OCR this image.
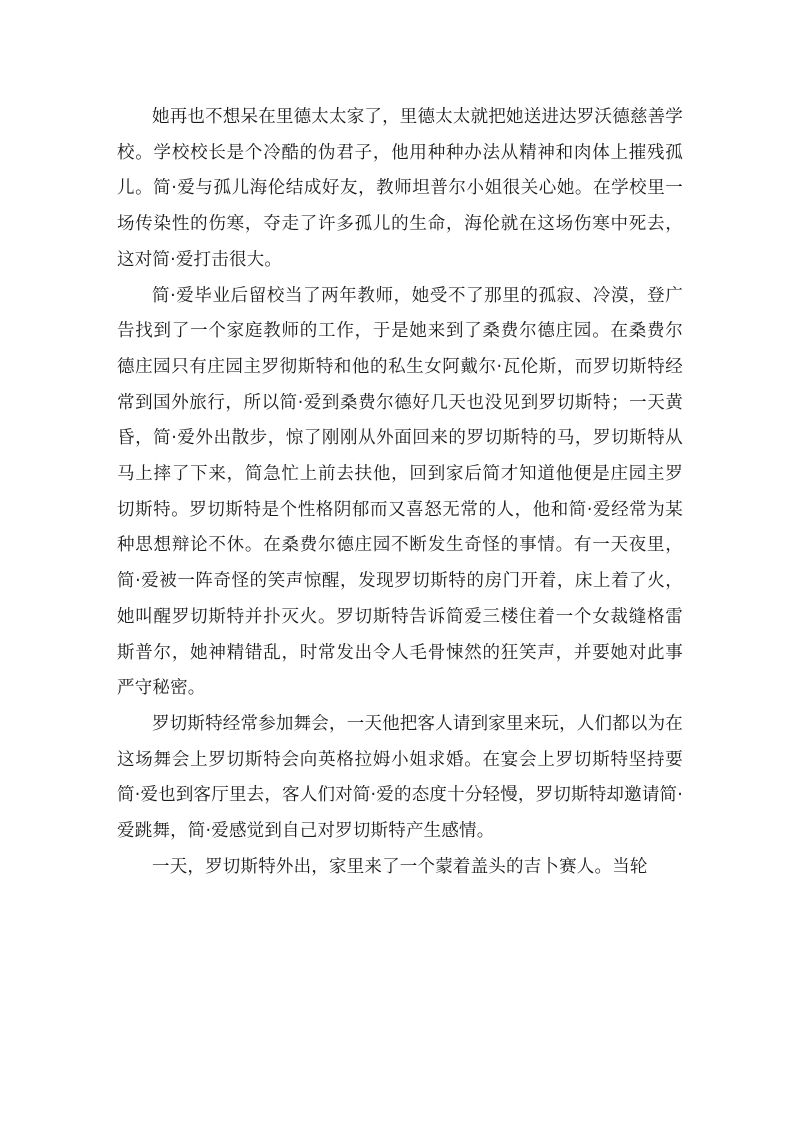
她再也不想呆在里德太太家了，里德太太就把她送进达罗沃德慈善学校。学校校长是个冷酷的伪君子，他用种种办法从精神和肉体上摧残孤儿。简·爱与孤儿海伦结成好友，教师坦普尔小姐很关心她。在学校里一场传染性的伤寒，夺走了许多孤儿的生命，海伦就在这场伤寒中死去，这对简·爱打击很大。

简·爱毕业后留校当了两年教师，她受不了那里的孤寂、冷漠，登广告找到了一个家庭教师的工作，于是她来到了桑费尔德庄园。在桑费尔德庄园只有庄园主罗彻斯特和他的私生女阿戴尔·瓦伦斯，而罗切斯特经常到国外旅行，所以简·爱到桑费尔德好几天也没见到罗切斯特；一天黄昏，简·爱外出散步，惊了刚刚从外面回来的罗切斯特的马，罗切斯特从马上摔了下来，简急忙上前去扶他，回到家后简才知道他便是庄园主罗切斯特。罗切斯特是个性格阴郁而又喜怒无常的人，他和简·爱经常为某种思想辩论不休。在桑费尔德庄园不断发生奇怪的事情。有一天夜里，简·爱被一阵奇怪的笑声惊醒，发现罗切斯特的房门开着，床上着了火，她叫醒罗切斯特并扑灭火。罗切斯特告诉简爱三楼住着一个女裁缝格雷斯普尔，她神精错乱，时常发出令人毛骨悚然的狂笑声，并要她对此事严守秘密。

罗切斯特经常参加舞会，一天他把客人请到家里来玩，人们都以为在这场舞会上罗切斯特会向英格拉姆小姐求婚。在宴会上罗切斯特坚持要简·爱也到客厅里去，客人们对简·爱的态度十分轻慢，罗切斯特却邀请简·爱跳舞，简·爱感觉到自己对罗切斯特产生感情。

一天，罗切斯特外出，家里来了一个蒙着盖头的吉卜赛人。当轮
